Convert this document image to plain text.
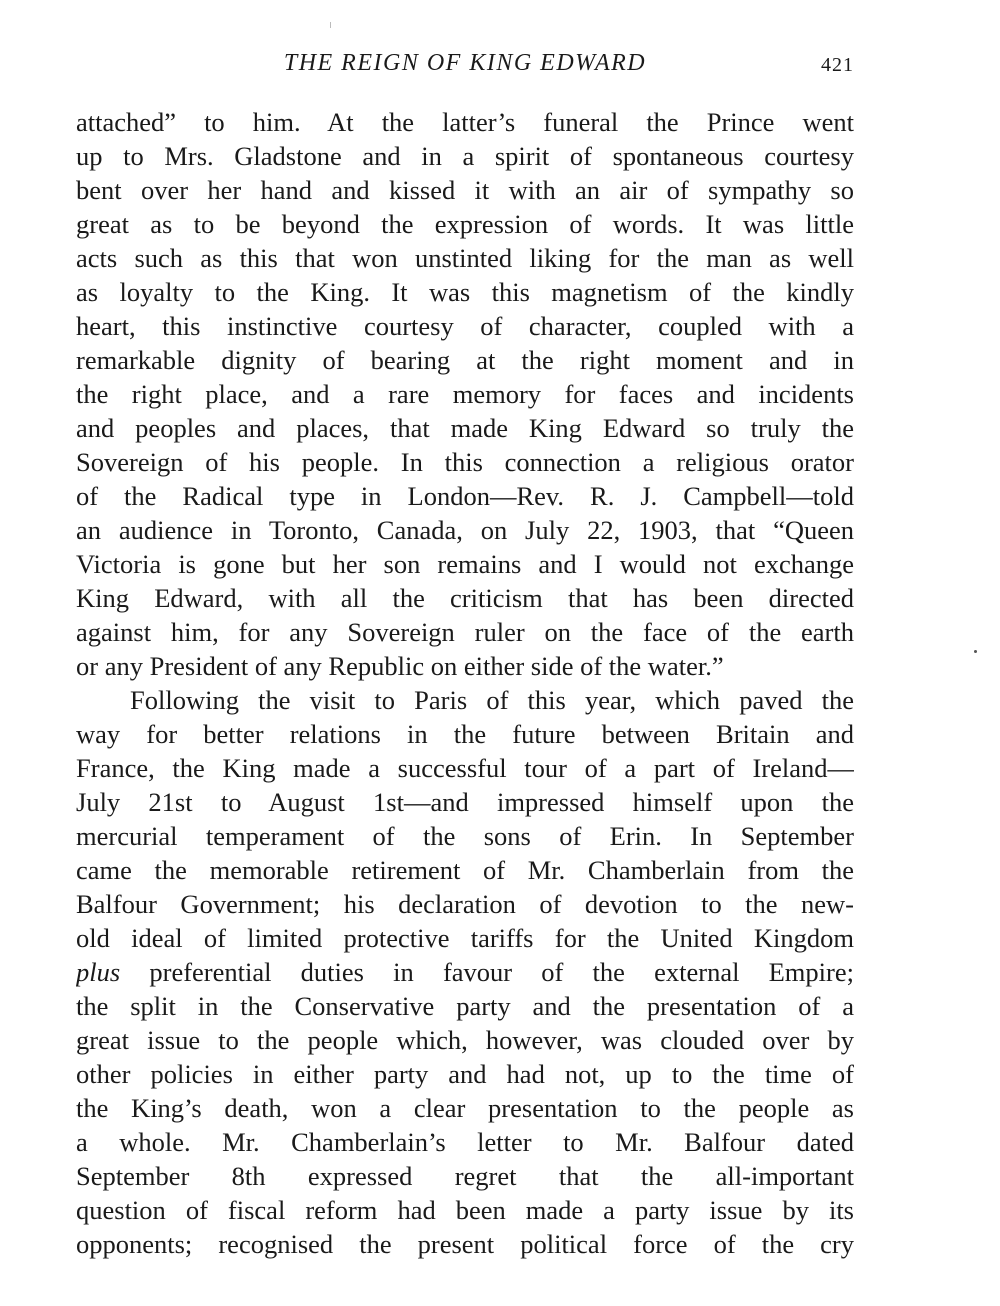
THE REIGN OF KING EDWARD	421
attached” to him. At the latter’s funeral the Prince went
up to Mrs. Gladstone and in a spirit of spontaneous courtesy
bent over her hand and kissed it with an air of sympathy so
great as to be beyond the expression of words. It was little
acts such as this that won unstinted liking for the man as well
as loyalty to the King. It was this magnetism of the kindly
heart, this instinctive courtesy of character, coupled with a
remarkable dignity of bearing at the right moment and in
the right place, and a rare memory for faces and incidents
and peoples and places, that made King Edward so truly the
Sovereign of his people. In this connection a religious orator
of the Radical type in London—Rev. R. J. Campbell—told
an audience in Toronto, Canada, on July 22, 1903, that “Queen
Victoria is gone but her son remains and I would not exchange
King Edward, with all the criticism that has been directed
against him, for any Sovereign ruler on the face of the earth
or any President of any Republic on either side of the water.”
Following the visit to Paris of this year, which paved the
way for better relations in the future between Britain and
France, the King made a successful tour of a part of Ireland—
July 21st to August 1st—and impressed himself upon the
mercurial temperament of the sons of Erin. In September
came the memorable retirement of Mr. Chamberlain from the
Balfour Government; his declaration of devotion to the new-
old ideal of limited protective tariffs for the United Kingdom
plus preferential duties in favour of the external Empire;
the split in the Conservative party and the presentation of a
great issue to the people which, however, was clouded over by
other policies in either party and had not, up to the time of
the King’s death, won a clear presentation to the people as
a whole. Mr. Chamberlain’s letter to Mr. Balfour dated
September 8th expressed regret that the all-important
question of fiscal reform had been made a party issue by its
opponents; recognised the present political force of the cry
